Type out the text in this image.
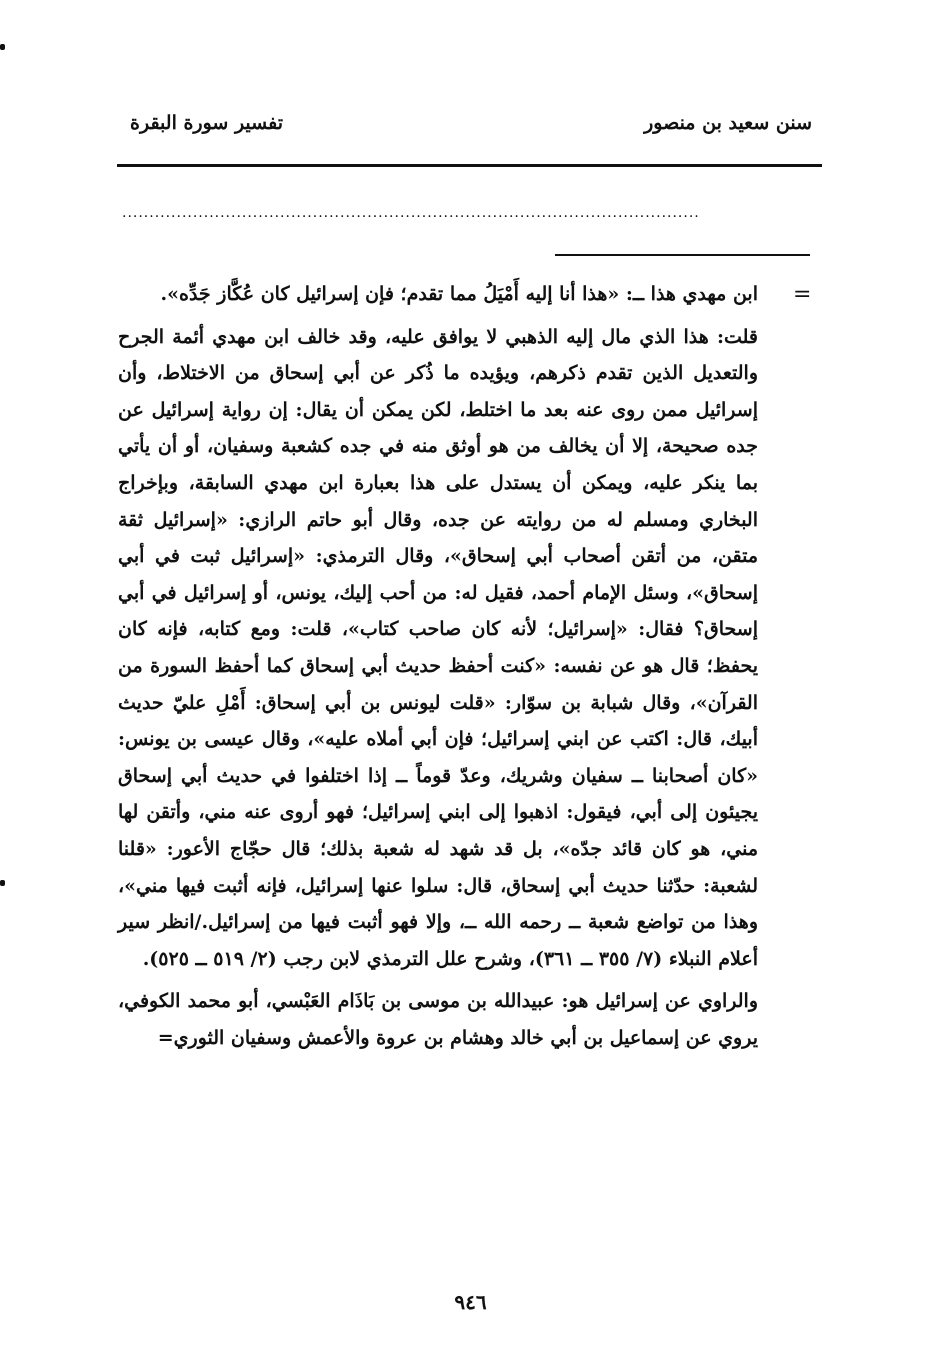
سنن سعيد بن منصور
تفسير سورة البقرة
..........................................................................................................
=

ابن مهدي هذا ــ: «هذا أنا إليه أَمْيَلُ مما تقدم؛ فإن إسرائيل كان عُكَّاز جَدِّه».

قلت: هذا الذي مال إليه الذهبي لا يوافق عليه، وقد خالف ابن مهدي أئمة الجرح والتعديل الذين تقدم ذكرهم، ويؤيده ما ذُكر عن أبي إسحاق من الاختلاط، وأن إسرائيل ممن روى عنه بعد ما اختلط، لكن يمكن أن يقال: إن رواية إسرائيل عن جده صحيحة، إلا أن يخالف من هو أوثق منه في جده كشعبة وسفيان، أو أن يأتي بما ينكر عليه، ويمكن أن يستدل على هذا بعبارة ابن مهدي السابقة، وبإخراج البخاري ومسلم له من روايته عن جده، وقال أبو حاتم الرازي: «إسرائيل ثقة متقن، من أتقن أصحاب أبي إسحاق»، وقال الترمذي: «إسرائيل ثبت في أبي إسحاق»، وسئل الإمام أحمد، فقيل له: من أحب إليك، يونس، أو إسرائيل في أبي إسحاق؟ فقال: «إسرائيل؛ لأنه كان صاحب كتاب»، قلت: ومع كتابه، فإنه كان يحفظ؛ قال هو عن نفسه: «كنت أحفظ حديث أبي إسحاق كما أحفظ السورة من القرآن»، وقال شبابة بن سوّار: «قلت ليونس بن أبي إسحاق: أَمْلِ عليّ حديث أبيك، قال: اكتب عن ابني إسرائيل؛ فإن أبي أملاه عليه»، وقال عيسى بن يونس: «كان أصحابنا ــ سفيان وشريك، وعدّ قوماً ــ إذا اختلفوا في حديث أبي إسحاق يجيئون إلى أبي، فيقول: اذهبوا إلى ابني إسرائيل؛ فهو أروى عنه مني، وأتقن لها مني، هو كان قائد جدّه»، بل قد شهد له شعبة بذلك؛ قال حجّاج الأعور: «قلنا لشعبة: حدّثنا حديث أبي إسحاق، قال: سلوا عنها إسرائيل، فإنه أثبت فيها مني»، وهذا من تواضع شعبة ــ رحمه الله ــ، وإلا فهو أثبت فيها من إسرائيل./انظر سير أعلام النبلاء (٧/ ٣٥٥ ــ ٣٦١)، وشرح علل الترمذي لابن رجب (٢/ ٥١٩ ــ ٥٢٥).

والراوي عن إسرائيل هو: عبيدالله بن موسى بن بَاذَام العَبْسي، أبو محمد الكوفي، يروي عن إسماعيل بن أبي خالد وهشام بن عروة والأعمش وسفيان الثوري=

٩٤٦
